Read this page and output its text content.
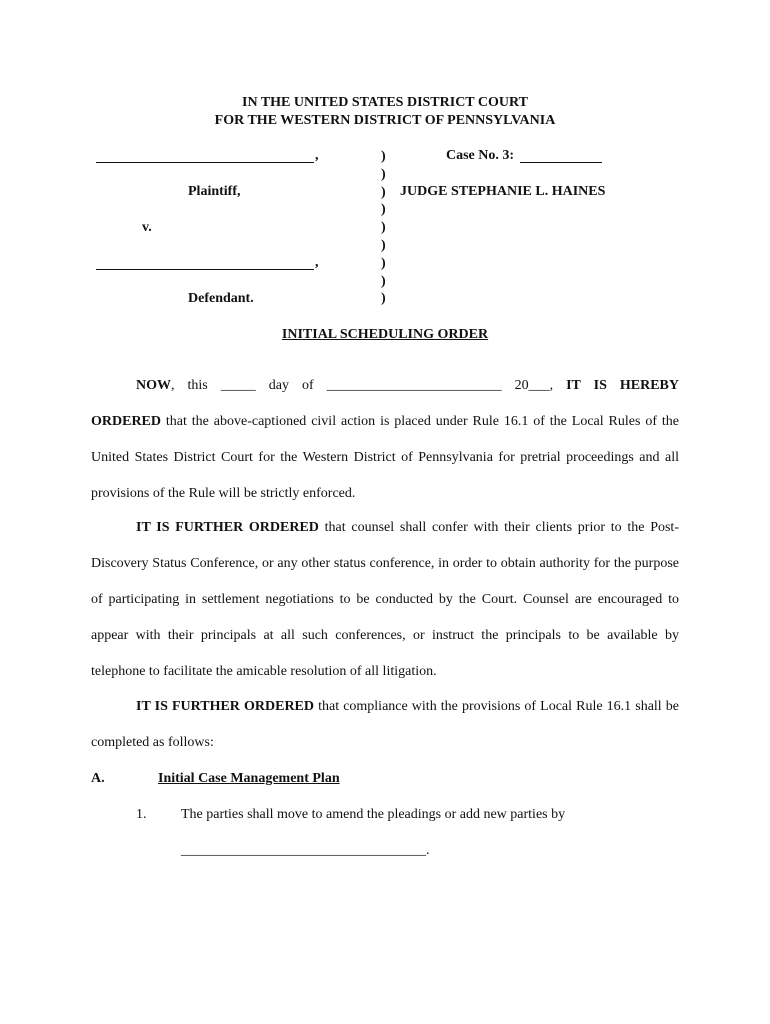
IN THE UNITED STATES DISTRICT COURT
FOR THE WESTERN DISTRICT OF PENNSYLVANIA
,
Plaintiff,
v.
,
Defendant.
)
)
)
)
)
)
)
)
)
Case No. 3:
JUDGE STEPHANIE L. HAINES
INITIAL SCHEDULING ORDER

NOW, this _____ day of _________________________ 20___, IT IS HEREBY

ORDERED that the above-captioned civil action is placed under Rule 16.1 of the Local Rules of the United States District Court for the Western District of Pennsylvania for pretrial proceedings and all provisions of the Rule will be strictly enforced.

IT IS FURTHER ORDERED that counsel shall confer with their clients prior to the Post-Discovery Status Conference, or any other status conference, in order to obtain authority for the purpose of participating in settlement negotiations to be conducted by the Court. Counsel are encouraged to appear with their principals at all such conferences, or instruct the principals to be available by telephone to facilitate the amicable resolution of all litigation.

IT IS FURTHER ORDERED that compliance with the provisions of Local Rule 16.1 shall be completed as follows:

A.	Initial Case Management Plan
1. The parties shall move to amend the pleadings or add new parties by
___________________________________.
